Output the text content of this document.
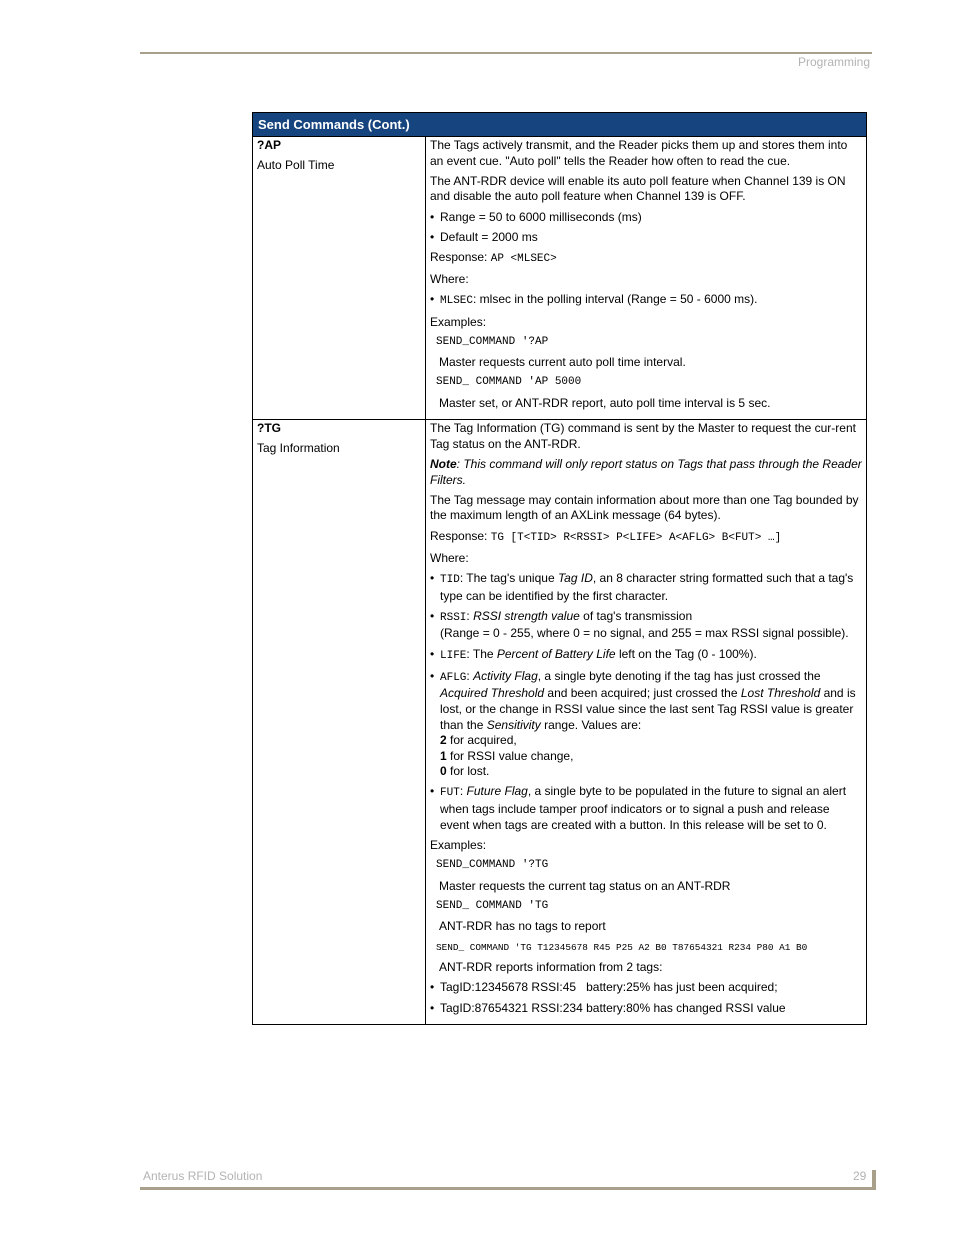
Programming
Send Commands (Cont.)
?AP
Auto Poll Time

The Tags actively transmit, and the Reader picks them up and stores them into an event cue. "Auto poll" tells the Reader how often to read the cue.

The ANT-RDR device will enable its auto poll feature when Channel 139 is ON and disable the auto poll feature when Channel 139 is OFF.

• Range = 50 to 6000 milliseconds (ms)
• Default = 2000 ms

Response: AP <MLSEC>

Where:

• MLSEC: mlsec in the polling interval (Range = 50 - 6000 ms).

Examples:

SEND_COMMAND '?AP

Master requests current auto poll time interval.

SEND_ COMMAND 'AP 5000

Master set, or ANT-RDR report, auto poll time interval is 5 sec.

?TG
Tag Information

The Tag Information (TG) command is sent by the Master to request the cur-rent Tag status on the ANT-RDR.

Note: This command will only report status on Tags that pass through the Reader Filters.

The Tag message may contain information about more than one Tag bounded by the maximum length of an AXLink message (64 bytes).

Response: TG [T<TID> R<RSSI> P<LIFE> A<AFLG> B<FUT> …]

Where:

• TID: The tag's unique Tag ID, an 8 character string formatted such that a tag's type can be identified by the first character.
• RSSI: RSSI strength value of tag's transmission
(Range = 0 - 255, where 0 = no signal, and 255 = max RSSI signal possible).
• LIFE: The Percent of Battery Life left on the Tag (0 - 100%).
• AFLG: Activity Flag, a single byte denoting if the tag has just crossed the Acquired Threshold and been acquired; just crossed the Lost Threshold and is lost, or the change in RSSI value since the last sent Tag RSSI value is greater than the Sensitivity range. Values are:
2 for acquired,
1 for RSSI value change,
0 for lost.
• FUT: Future Flag, a single byte to be populated in the future to signal an alert when tags include tamper proof indicators or to signal a push and release event when tags are created with a button. In this release will be set to 0.

Examples:

SEND_COMMAND '?TG

Master requests the current tag status on an ANT-RDR

SEND_ COMMAND 'TG

ANT-RDR has no tags to report

SEND_ COMMAND 'TG T12345678 R45 P25 A2 B0 T87654321 R234 P80 A1 B0

ANT-RDR reports information from 2 tags:

• TagID:12345678 RSSI:45   battery:25% has just been acquired;
• TagID:87654321 RSSI:234 battery:80% has changed RSSI value
Anterus RFID Solution	29
